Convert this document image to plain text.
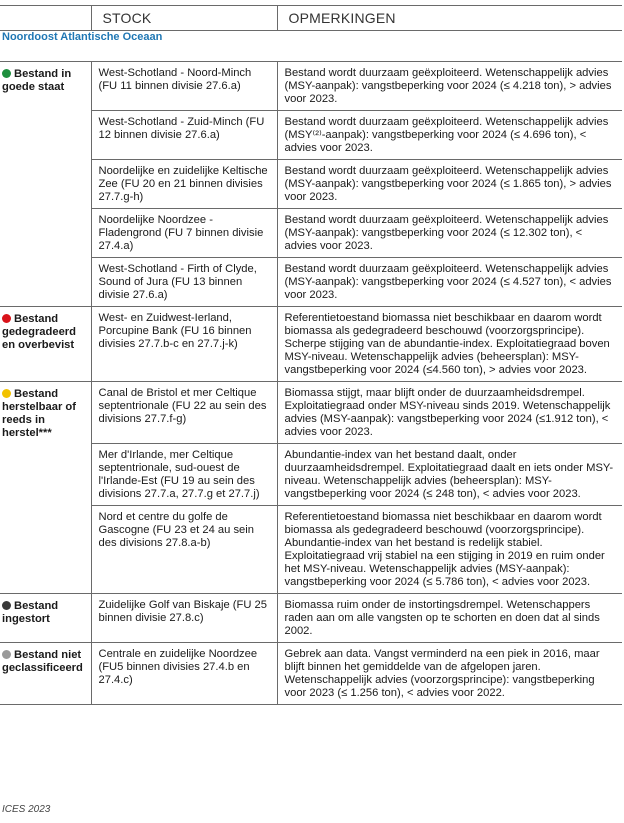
	STOCK	OPMERKINGEN
Noordoost Atlantische Oceaan		
Bestand in goede staat	West-Schotland - Noord-Minch (FU 11 binnen divisie 27.6.a)	Bestand wordt duurzaam geëxploiteerd. Wetenschappelijk advies (MSY-aanpak): vangstbeperking voor 2024 (≤ 4.218 ton), > advies voor 2023.
	West-Schotland - Zuid-Minch (FU 12 binnen divisie 27.6.a)	Bestand wordt duurzaam geëxploiteerd. Wetenschappelijk advies (MSY⁽²⁾-aanpak): vangstbeperking voor 2024 (≤ 4.696 ton), < advies voor 2023.
	Noordelijke en zuidelijke Keltische Zee (FU 20 en 21 binnen divisies 27.7.g-h)	Bestand wordt duurzaam geëxploiteerd. Wetenschappelijk advies (MSY-aanpak): vangstbeperking voor 2024 (≤ 1.865 ton), > advies voor 2023.
	Noordelijke Noordzee - Fladengrond (FU 7 binnen divisie 27.4.a)	Bestand wordt duurzaam geëxploiteerd. Wetenschappelijk advies (MSY-aanpak): vangstbeperking voor 2024 (≤ 12.302 ton), < advies voor 2023.
	West-Schotland - Firth of Clyde, Sound of Jura (FU 13 binnen divisie 27.6.a)	Bestand wordt duurzaam geëxploiteerd. Wetenschappelijk advies (MSY-aanpak): vangstbeperking voor 2024 (≤ 4.527 ton), < advies voor 2023.
Bestand gedegradeerd en overbevist	West- en Zuidwest-Ierland, Porcupine Bank (FU 16 binnen divisies 27.7.b-c en 27.7.j-k)	Referentietoestand biomassa niet beschikbaar en daarom wordt biomassa als gedegradeerd beschouwd (voorzorgsprincipe). Scherpe stijging van de abundantie-index. Exploitatiegraad boven MSY-niveau. Wetenschappelijk advies (beheersplan): MSY-vangstbeperking voor 2024 (≤4.560 ton), > advies voor 2023.
Bestand herstelbaar of reeds in herstel***	Canal de Bristol et mer Celtique septentrionale (FU 22 au sein des divisions 27.7.f-g)	Biomassa stijgt, maar blijft onder de duurzaamheidsdrempel. Exploitatiegraad onder MSY-niveau sinds 2019. Wetenschappelijk advies (MSY-aanpak): vangstbeperking voor 2024 (≤1.912 ton), < advies voor 2023.
	Mer d'Irlande, mer Celtique septentrionale, sud-ouest de l'Irlande-Est (FU 19 au sein des divisions 27.7.a, 27.7.g et 27.7.j)	Abundantie-index van het bestand daalt, onder duurzaamheidsdrempel. Exploitatiegraad daalt en iets onder MSY-niveau. Wetenschappelijk advies (beheersplan): MSY-vangstbeperking voor 2024 (≤ 248 ton), < advies voor 2023.
	Nord et centre du golfe de Gascogne (FU 23 et 24 au sein des divisions 27.8.a-b)	Referentietoestand biomassa niet beschikbaar en daarom wordt biomassa als gedegradeerd beschouwd (voorzorgsprincipe). Abundantie-index van het bestand is redelijk stabiel. Exploitatiegraad vrij stabiel na een stijging in 2019 en ruim onder het MSY-niveau. Wetenschappelijk advies (MSY-aanpak): vangstbeperking voor 2024 (≤ 5.786 ton), < advies voor 2023.
Bestand ingestort	Zuidelijke Golf van Biskaje (FU 25 binnen divisie 27.8.c)	Biomassa ruim onder de instortingsdrempel. Wetenschappers raden aan om alle vangsten op te schorten en doen dat al sinds 2002.
Bestand niet geclassificeerd	Centrale en zuidelijke Noordzee (FU5 binnen divisies 27.4.b en 27.4.c)	Gebrek aan data. Vangst verminderd na een piek in 2016, maar blijft binnen het gemiddelde van de afgelopen jaren. Wetenschappelijk advies (voorzorgsprincipe): vangstbeperking voor 2023 (≤ 1.256 ton), < advies voor 2022.
ICES 2023
